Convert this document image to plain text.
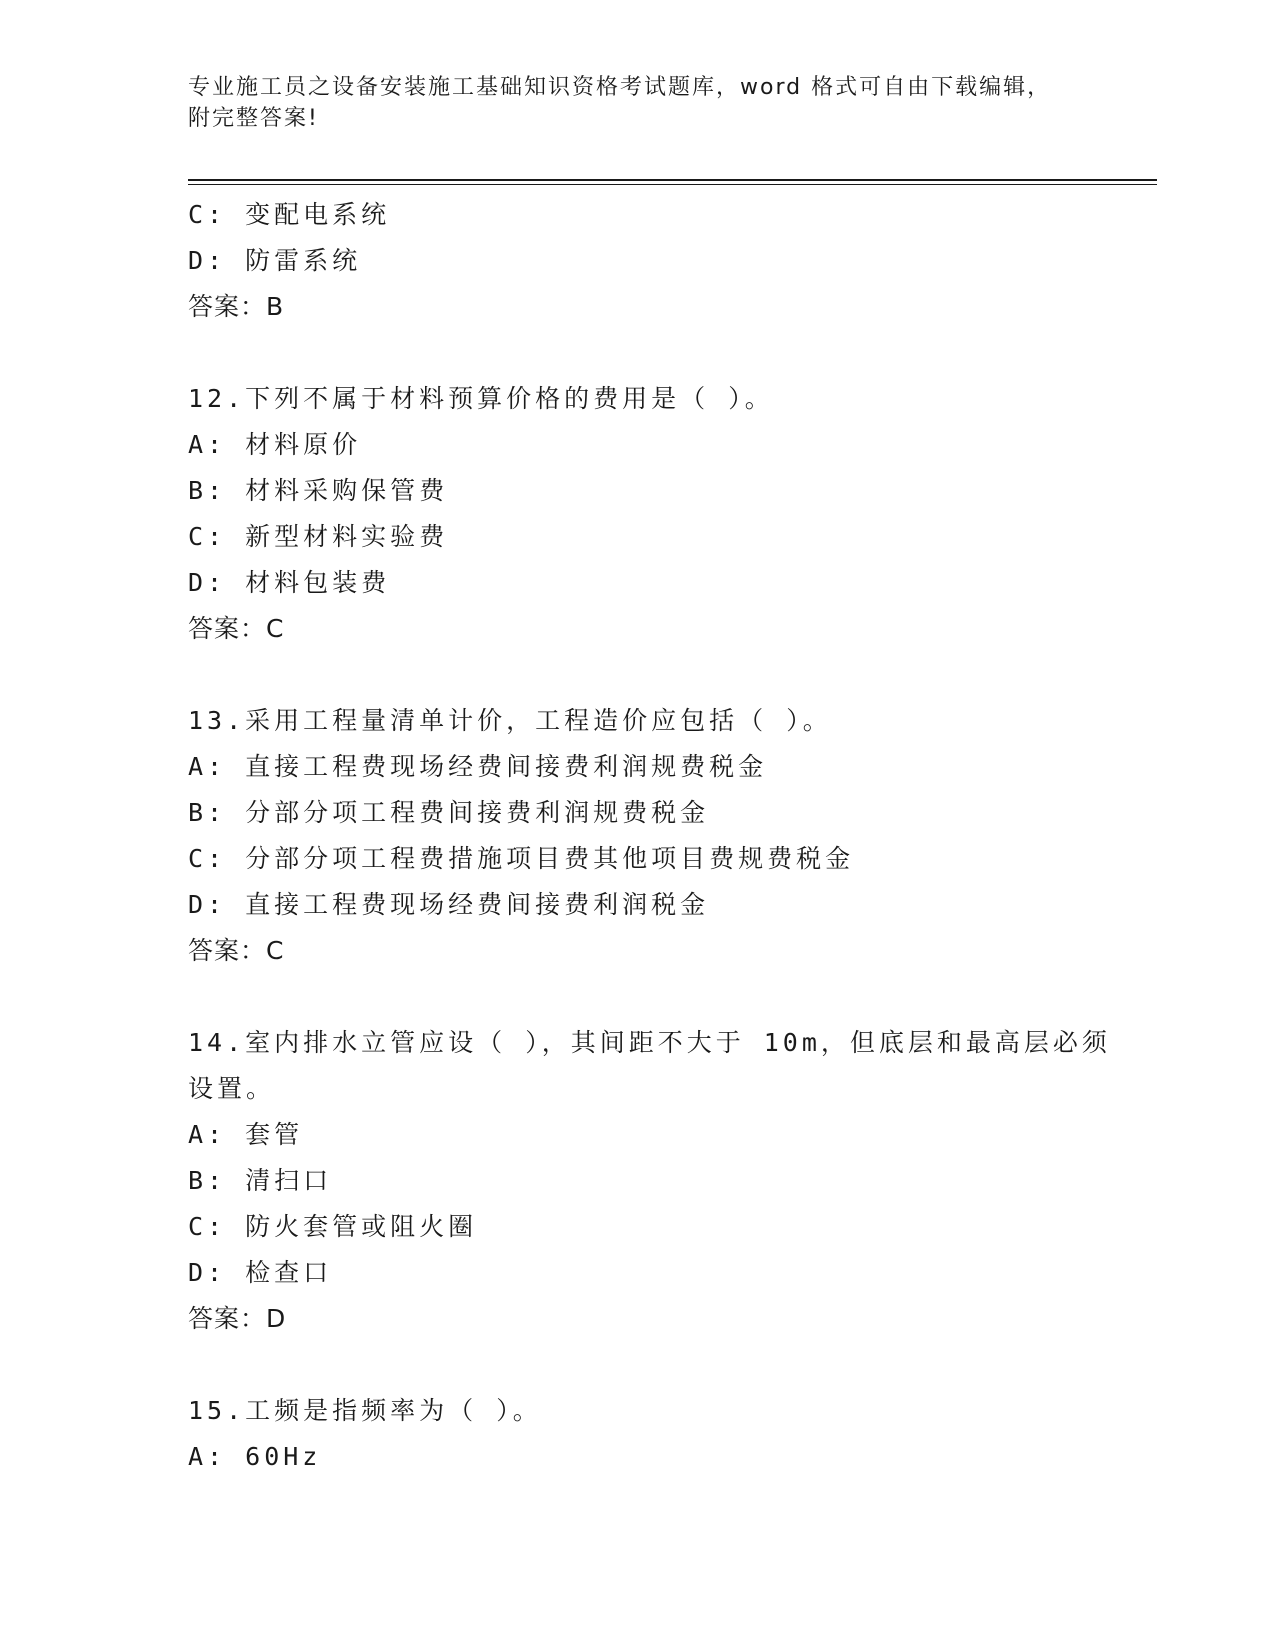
专业施工员之设备安装施工基础知识资格考试题库，word 格式可自由下载编辑，
附完整答案!
C: 变配电系统
D: 防雷系统
答案：B
12.下列不属于材料预算价格的费用是（ ）。
A: 材料原价
B: 材料采购保管费
C: 新型材料实验费
D: 材料包装费
答案：C
13.采用工程量清单计价，工程造价应包括（ ）。
A: 直接工程费现场经费间接费利润规费税金
B: 分部分项工程费间接费利润规费税金
C: 分部分项工程费措施项目费其他项目费规费税金
D: 直接工程费现场经费间接费利润税金
答案：C
14.室内排水立管应设（ ），其间距不大于 10m，但底层和最高层必须
设置。
A: 套管
B: 清扫口
C: 防火套管或阻火圈
D: 检查口
答案：D
15.工频是指频率为（ ）。
A: 60Hz
